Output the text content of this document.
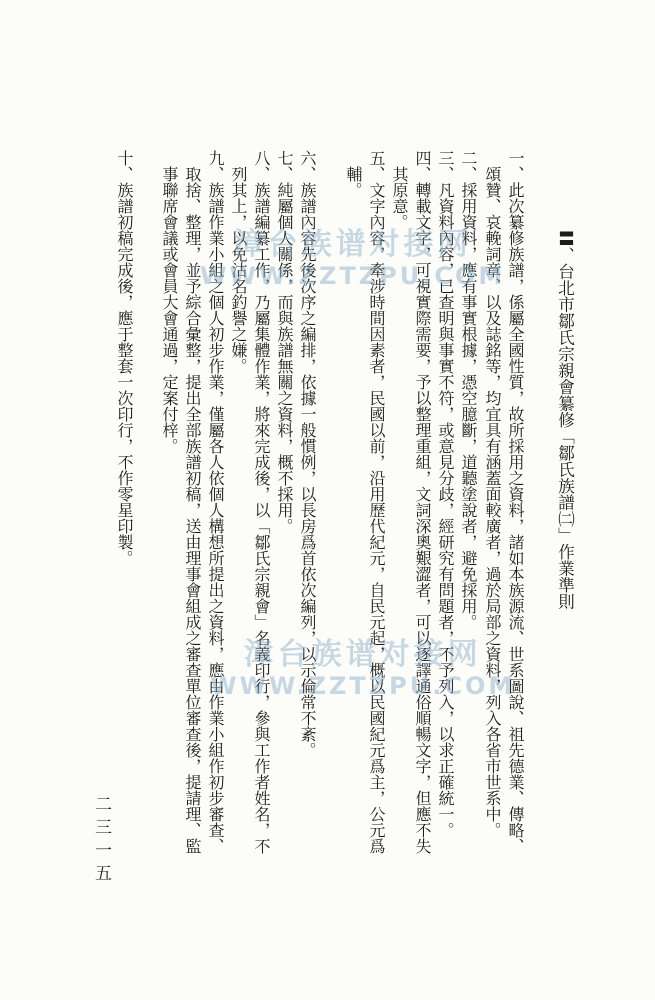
〓、台北市鄒氏宗親會纂修「鄒氏族譜㈡」作業準則
一、此次纂修族譜，係屬全國性質，故所採用之資料，諸如本族源流、世系圖說、祖先德業、傳略、
頌贊、哀輓詞章、以及誌銘等，均宜具有涵蓋面較廣者，過於局部之資料，列入各省市世系中。
二、採用資料，應有事實根據，憑空臆斷，道聽塗說者，避免採用。
三、凡資料內容，已查明與事實不符，或意見分歧，經研究有問題者，不予列入，以求正確統一。
四、轉載文字，可視實際需要，予以整理重組，文詞深奧艱澀者，可以逐譯通俗順暢文字，但應不失
其原意。
五、文字內容，牽涉時間因素者，民國以前，沿用歷代紀元，自民元起，概以民國紀元爲主，公元爲
輔。
六、族譜內容先後次序之編排，依據一般慣例，以長房爲首依次編列，以示倫常不紊。
七、純屬個人關係，而與族譜無關之資料，概不採用。
八、族譜編纂工作，乃屬集體作業，將來完成後，以「鄒氏宗親會」名義印行，參與工作者姓名，不
列其上，以免沽名釣譽之嫌。
九、族譜作業小組之個人初步作業，僅屬各人依個人構想所提出之資料，應由作業小組作初步審查、
取捨、整理，並予綜合彙整，提出全部族譜初稿，送由理事會組成之審查單位審查後，提請理、監
事聯席會議或會員大會通過，定案付梓。
十、族譜初稿完成後，應于整套一次印行，不作零星印製。
二三一五
漳台族谱对接网
WWW.ZZTZPU.COM
漳台族谱对接网
WWW.ZZTZPU.COM
